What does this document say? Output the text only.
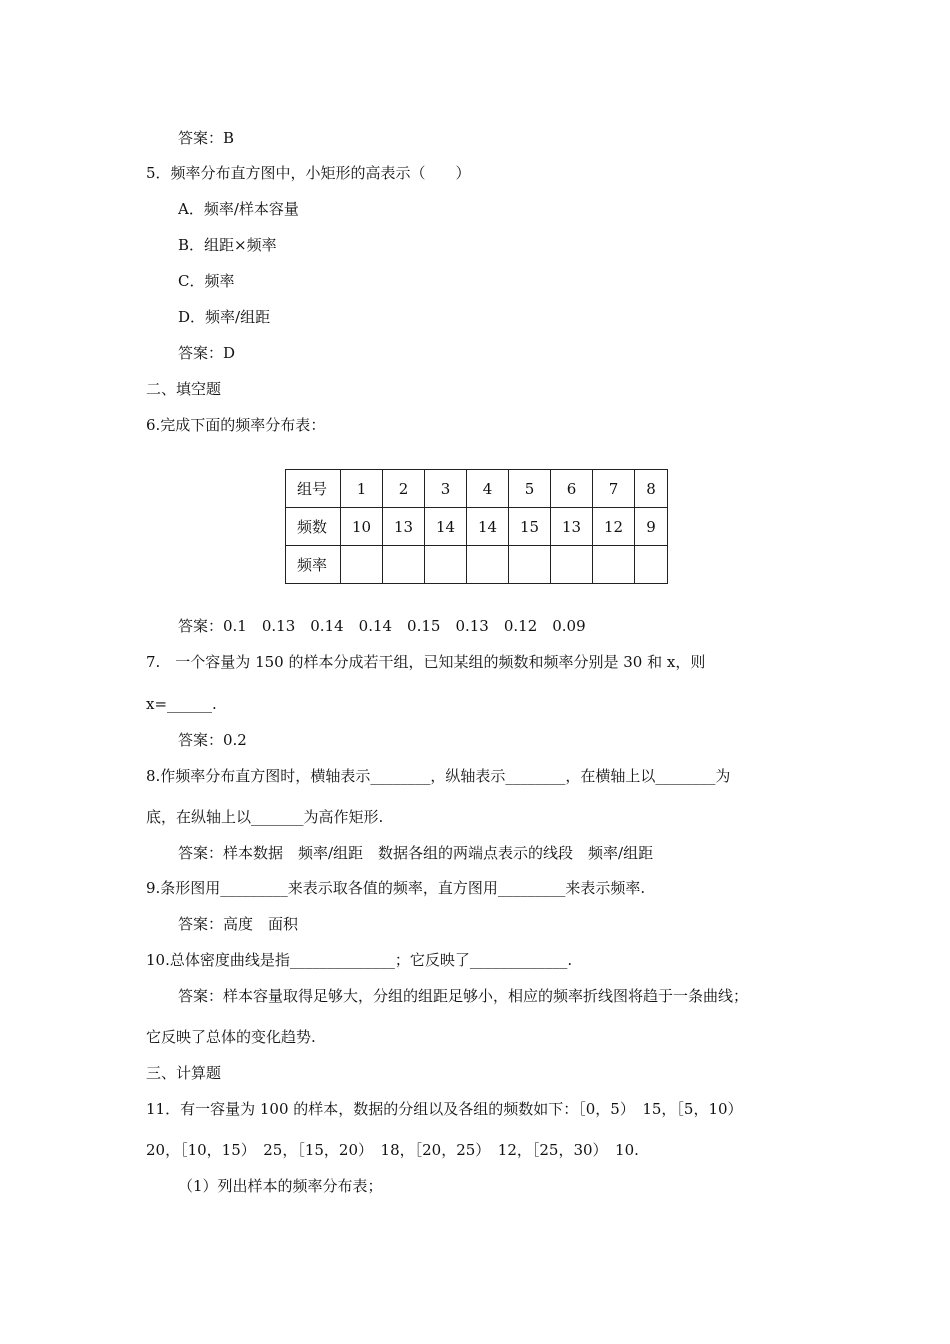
答案：B
5．频率分布直方图中，小矩形的高表示（　　）
A．频率/样本容量
B．组距×频率
C．频率
D．频率/组距
答案：D
二、填空题
6.完成下面的频率分布表：
组号	1	2	3	4	5	6	7	8
频数	10	13	14	14	15	13	12	9
频率								
答案：0.1　0.13　0.14　0.14　0.15　0.13　0.12　0.09
7.　一个容量为 150 的样本分成若干组，已知某组的频数和频率分别是 30 和 x，则
x=______.
答案：0.2
8.作频率分布直方图时，横轴表示________，纵轴表示________，在横轴上以________为
底，在纵轴上以_______为高作矩形.
答案：样本数据　频率/组距　数据各组的两端点表示的线段　频率/组距
9.条形图用_________来表示取各值的频率，直方图用_________来表示频率.
答案：高度　面积
10.总体密度曲线是指______________；它反映了_____________.
答案：样本容量取得足够大，分组的组距足够小，相应的频率折线图将趋于一条曲线；
它反映了总体的变化趋势.
三、计算题
11．有一容量为 100 的样本，数据的分组以及各组的频数如下：［0，5）　15，［5，10）
20，［10，15）　25，［15，20）　18，［20，25）　12，［25，30）　10.
（1）列出样本的频率分布表；
